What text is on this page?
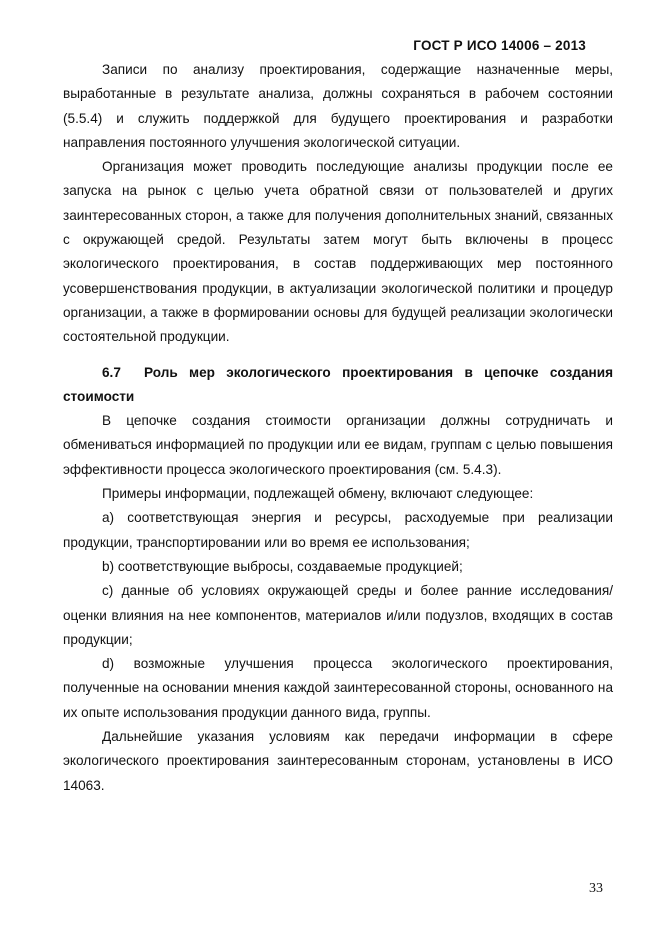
ГОСТ Р ИСО 14006 – 2013

Записи по анализу проектирования, содержащие назначенные меры, выработанные в результате анализа, должны сохраняться в рабочем состоянии (5.5.4) и служить поддержкой для будущего проектирования и разработки направления постоянного улучшения экологической ситуации.

Организация может проводить последующие анализы продукции после ее запуска на рынок с целью учета обратной связи от пользователей и других заинтересованных сторон, а также для получения дополнительных знаний, связанных с окружающей средой. Результаты затем могут быть включены в процесс экологического проектирования, в состав поддерживающих мер постоянного усовершенствования продукции, в актуализации экологической политики и процедур организации, а также в формировании основы для будущей реализации экологически состоятельной продукции.

6.7 Роль мер экологического проектирования в цепочке создания стоимости

В цепочке создания стоимости организации должны сотрудничать и обмениваться информацией по продукции или ее видам, группам с целью повышения эффективности процесса экологического проектирования (см. 5.4.3).

Примеры информации, подлежащей обмену, включают следующее:

a) соответствующая энергия и ресурсы, расходуемые при реализации продукции, транспортировании или во время ее использования;

b) соответствующие выбросы, создаваемые продукцией;

c) данные об условиях окружающей среды и более ранние исследования/оценки влияния на нее компонентов, материалов и/или подузлов, входящих в состав продукции;

d) возможные улучшения процесса экологического проектирования, полученные на основании мнения каждой заинтересованной стороны, основанного на их опыте использования продукции данного вида, группы.

Дальнейшие указания условиям как передачи информации в сфере экологического проектирования заинтересованным сторонам, установлены в ИСО 14063.

33
